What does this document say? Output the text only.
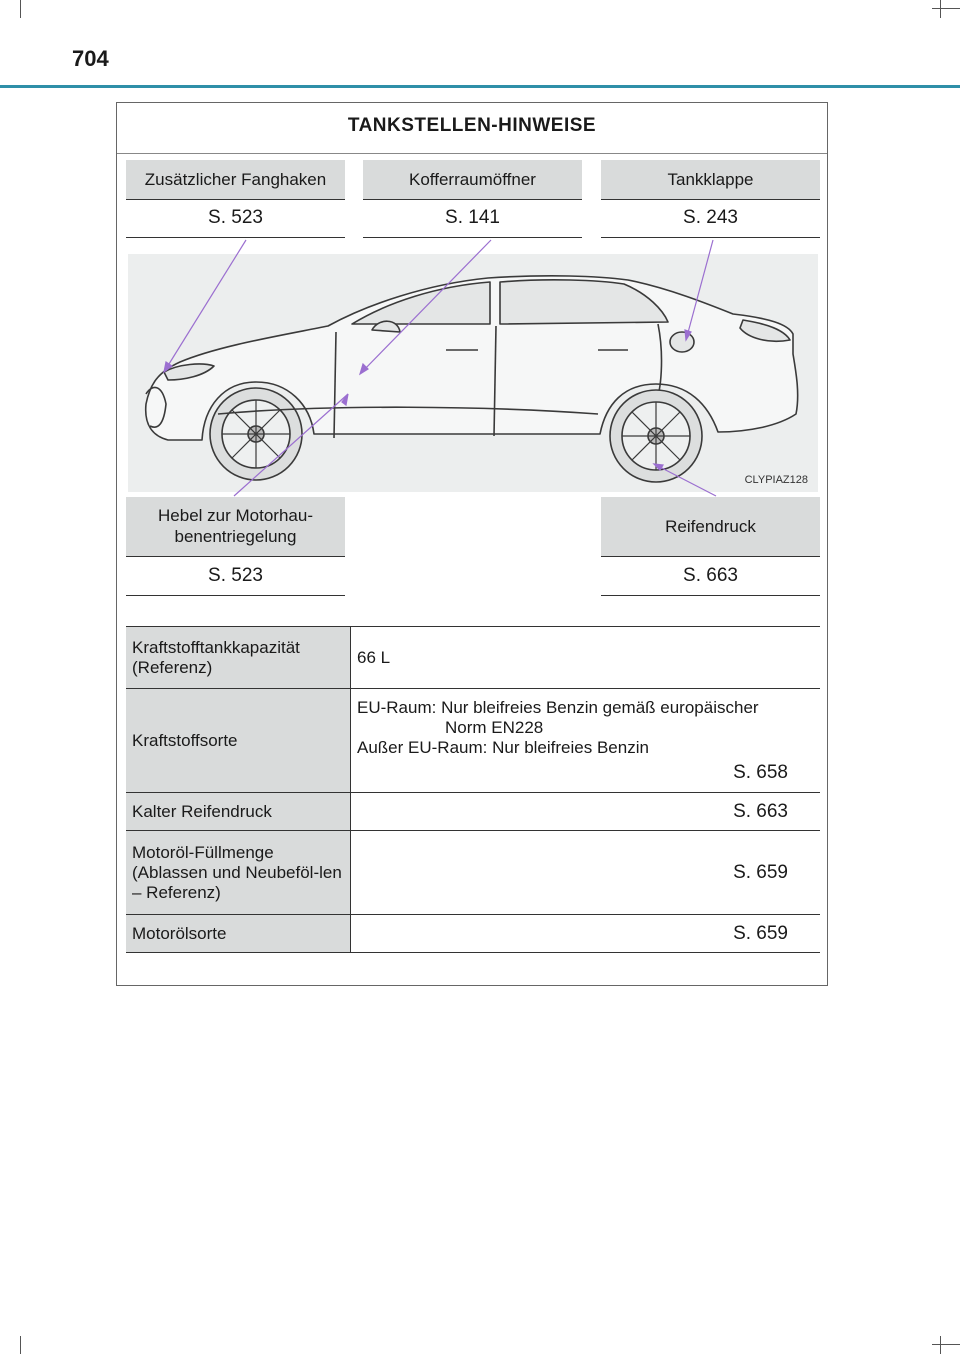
704
TANKSTELLEN-HINWEISE
Zusätzlicher Fanghaken
S. 523
Kofferraumöffner
S. 141
Tankklappe
S. 243
CLYPIAZ128
Hebel zur Motorhau-
benentriegelung
S. 523
Reifendruck
S. 663
Kraftstofftankkapazität (Referenz)	66 L
Kraftstoffsorte	EU-Raum: Nur bleifreies Benzin gemäß europäischer
Norm EN228
Außer EU-Raum: Nur bleifreies Benzin
S. 658

Kalter Reifendruck	S. 663
Motoröl-Füllmenge (Ablassen und Neubeföl-len – Referenz)	S. 659
Motorölsorte	S. 659
